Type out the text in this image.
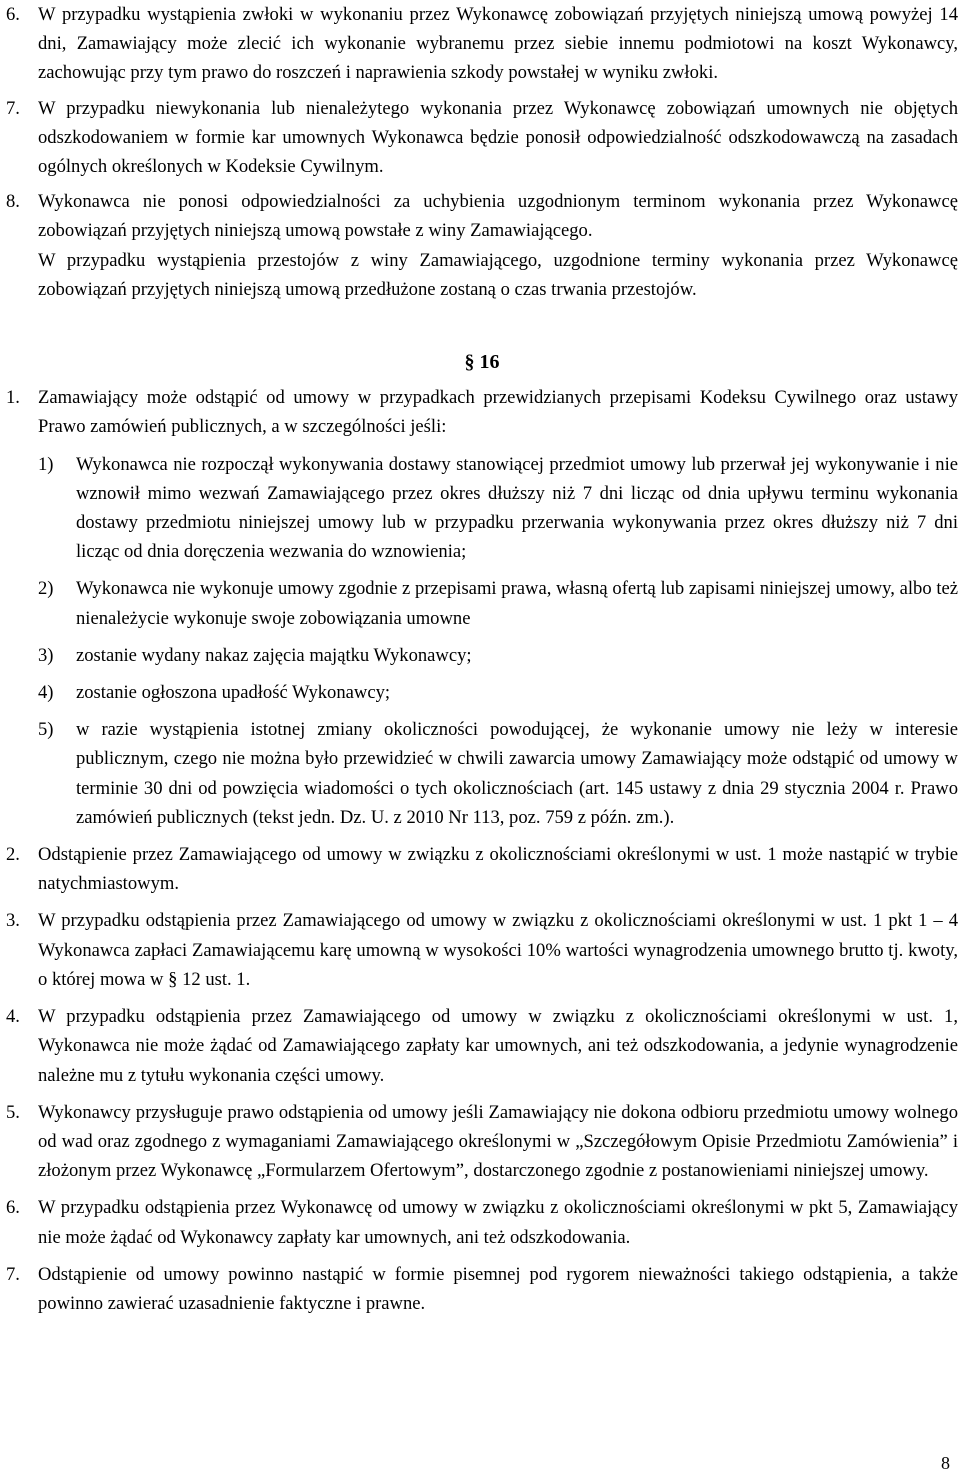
6. W przypadku wystąpienia zwłoki w wykonaniu przez Wykonawcę zobowiązań przyjętych niniejszą umową powyżej 14 dni, Zamawiający może zlecić ich wykonanie wybranemu przez siebie innemu podmiotowi na koszt Wykonawcy, zachowując przy tym prawo do roszczeń i naprawienia szkody powstałej w wyniku zwłoki.
7. W przypadku niewykonania lub nienależytego wykonania przez Wykonawcę zobowiązań umownych nie objętych odszkodowaniem w formie kar umownych Wykonawca będzie ponosił odpowiedzialność odszkodowawczą na zasadach ogólnych określonych w Kodeksie Cywilnym.
8. Wykonawca nie ponosi odpowiedzialności za uchybienia uzgodnionym terminom wykonania przez Wykonawcę zobowiązań przyjętych niniejszą umową powstałe z winy Zamawiającego.
W przypadku wystąpienia przestojów z winy Zamawiającego, uzgodnione terminy wykonania przez Wykonawcę zobowiązań przyjętych niniejszą umową przedłużone zostaną o czas trwania przestojów.

§ 16

1. Zamawiający może odstąpić od umowy w przypadkach przewidzianych przepisami Kodeksu Cywilnego oraz ustawy Prawo zamówień publicznych, a w szczególności jeśli:
1)	Wykonawca nie rozpoczął wykonywania dostawy stanowiącej przedmiot umowy lub przerwał jej wykonywanie i nie wznowił mimo wezwań Zamawiającego przez okres dłuższy niż 7 dni licząc od dnia upływu terminu wykonania dostawy przedmiotu niniejszej umowy lub w przypadku przerwania wykonywania przez okres dłuższy niż 7 dni licząc od dnia doręczenia wezwania do wznowienia;
2)	Wykonawca nie wykonuje umowy zgodnie z przepisami prawa, własną ofertą lub zapisami niniejszej umowy, albo też nienależycie wykonuje swoje zobowiązania umowne
3)	zostanie wydany nakaz zajęcia majątku Wykonawcy;
4)	zostanie ogłoszona upadłość Wykonawcy;
5)	w razie wystąpienia istotnej zmiany okoliczności powodującej, że wykonanie umowy nie leży w interesie publicznym, czego nie można było przewidzieć w chwili zawarcia umowy Zamawiający może odstąpić od umowy w terminie 30 dni od powzięcia wiadomości o tych okolicznościach (art. 145 ustawy z dnia 29 stycznia 2004 r. Prawo zamówień publicznych (tekst jedn. Dz. U. z 2010 Nr 113, poz. 759 z późn. zm.).
2. Odstąpienie przez Zamawiającego od umowy w związku z okolicznościami określonymi w ust. 1 może nastąpić w trybie natychmiastowym.
3. W przypadku odstąpienia przez Zamawiającego od umowy w związku z okolicznościami określonymi w ust. 1 pkt 1 – 4 Wykonawca zapłaci Zamawiającemu karę umowną w wysokości 10% wartości wynagrodzenia umownego brutto tj. kwoty, o której mowa w § 12 ust. 1.
4. W przypadku odstąpienia przez Zamawiającego od umowy w związku z okolicznościami określonymi w ust. 1, Wykonawca nie może żądać od Zamawiającego zapłaty kar umownych, ani też odszkodowania, a jedynie wynagrodzenie należne mu z tytułu wykonania części umowy.
5. Wykonawcy przysługuje prawo odstąpienia od umowy jeśli Zamawiający nie dokona odbioru przedmiotu umowy wolnego od wad oraz zgodnego z wymaganiami Zamawiającego określonymi w „Szczegółowym Opisie Przedmiotu Zamówienia” i złożonym przez Wykonawcę „Formularzem Ofertowym”, dostarczonego zgodnie z postanowieniami niniejszej umowy.
6. W przypadku odstąpienia przez Wykonawcę od umowy w związku z okolicznościami określonymi w pkt 5, Zamawiający nie może żądać od Wykonawcy zapłaty kar umownych, ani też odszkodowania.
7. Odstąpienie od umowy powinno nastąpić w formie pisemnej pod rygorem nieważności takiego odstąpienia, a także powinno zawierać uzasadnienie faktyczne i prawne.
8
